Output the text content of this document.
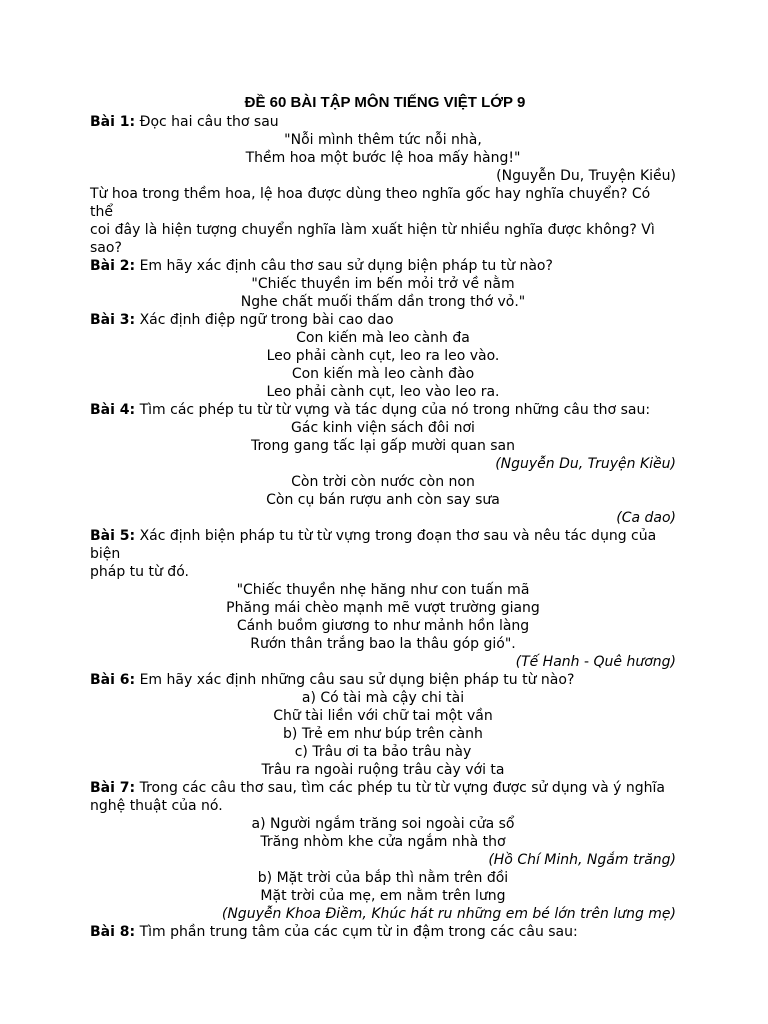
ĐỀ 60 BÀI TẬP MÔN TIẾNG VIỆT LỚP 9

Bài 1: Đọc hai câu thơ sau

"Nỗi mình thêm tức nỗi nhà,

Thềm hoa một bước lệ hoa mấy hàng!"

(Nguyễn Du, Truyện Kiều)

Từ hoa trong thềm hoa, lệ hoa được dùng theo nghĩa gốc hay nghĩa chuyển? Có thể

coi đây là hiện tượng chuyển nghĩa làm xuất hiện từ nhiều nghĩa được không? Vì sao?

Bài 2: Em hãy xác định câu thơ sau sử dụng biện pháp tu từ nào?

"Chiếc thuyền im bến mỏi trở về nằm

Nghe chất muối thấm dần trong thớ vỏ."

Bài 3: Xác định điệp ngữ trong bài cao dao

Con kiến mà leo cành đa

Leo phải cành cụt, leo ra leo vào.

Con kiến mà leo cành đào

Leo phải cành cụt, leo vào leo ra.

Bài 4: Tìm các phép tu từ từ vựng và tác dụng của nó trong những câu thơ sau:

Gác kinh viện sách đôi nơi

Trong gang tấc lại gấp mười quan san

(Nguyễn Du, Truyện Kiều)

Còn trời còn nước còn non

Còn cụ bán rượu anh còn say sưa

(Ca dao)

Bài 5: Xác định biện pháp tu từ từ vựng trong đoạn thơ sau và nêu tác dụng của biện

pháp tu từ đó.

"Chiếc thuyền nhẹ hăng như con tuấn mã

Phăng mái chèo mạnh mẽ vượt trường giang

Cánh buồm giương to như mảnh hồn làng

Rướn thân trắng bao la thâu góp gió".

(Tế Hanh - Quê hương)

Bài 6: Em hãy xác định những câu sau sử dụng biện pháp tu từ nào?

a) Có tài mà cậy chi tài

Chữ tài liền với chữ tai một vần

b) Trẻ em như búp trên cành

c) Trâu ơi ta bảo trâu này

Trâu ra ngoài ruộng trâu cày với ta

Bài 7: Trong các câu thơ sau, tìm các phép tu từ từ vựng được sử dụng và ý nghĩa

nghệ thuật của nó.

a) Người ngắm trăng soi ngoài cửa sổ

Trăng nhòm khe cửa ngắm nhà thơ

(Hồ Chí Minh, Ngắm trăng)

b) Mặt trời của bắp thì nằm trên đồi

Mặt trời của mẹ, em nằm trên lưng

(Nguyễn Khoa Điềm, Khúc hát ru những em bé lớn trên lưng mẹ)

Bài 8: Tìm phần trung tâm của các cụm từ in đậm trong các câu sau:
